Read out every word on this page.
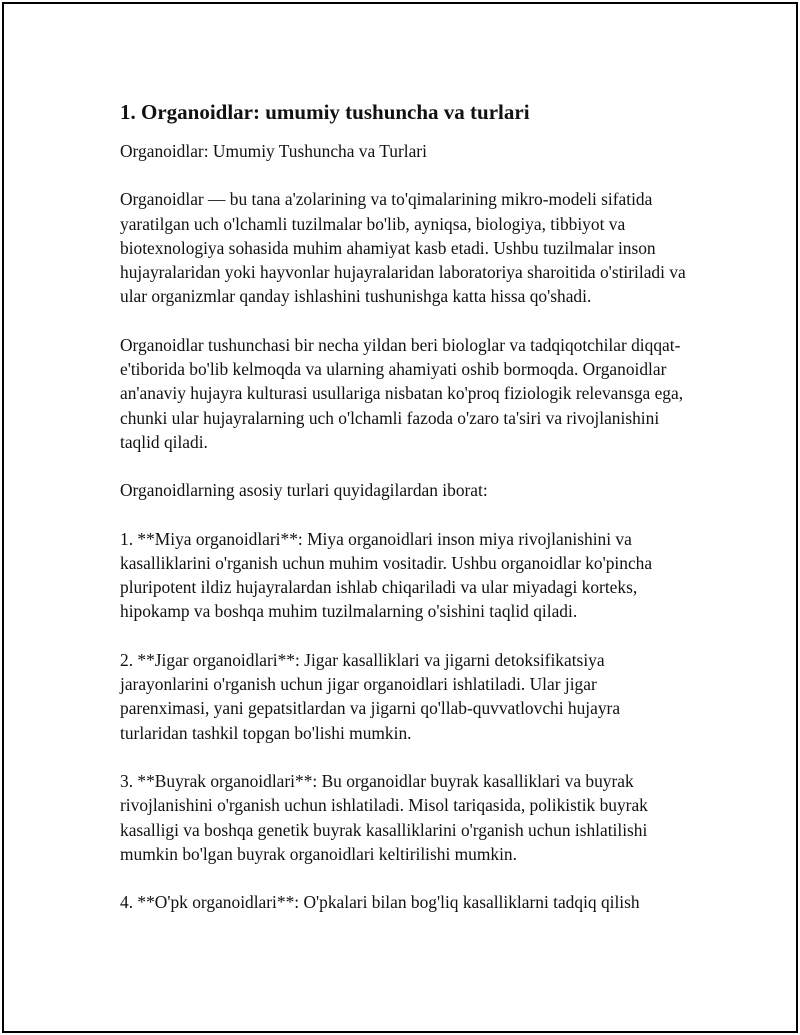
1. Organoidlar: umumiy tushuncha va turlari

Organoidlar: Umumiy Tushuncha va Turlari

Organoidlar — bu tana a'zolarining va to'qimalarining mikro-modeli sifatida yaratilgan uch o'lchamli tuzilmalar bo'lib, ayniqsa, biologiya, tibbiyot va biotexnologiya sohasida muhim ahamiyat kasb etadi. Ushbu tuzilmalar inson hujayralaridan yoki hayvonlar hujayralaridan laboratoriya sharoitida o'stiriladi va ular organizmlar qanday ishlashini tushunishga katta hissa qo'shadi.

Organoidlar tushunchasi bir necha yildan beri biologlar va tadqiqotchilar diqqat-e'tiborida bo'lib kelmoqda va ularning ahamiyati oshib bormoqda. Organoidlar an'anaviy hujayra kulturasi usullariga nisbatan ko'proq fiziologik relevansga ega, chunki ular hujayralarning uch o'lchamli fazoda o'zaro ta'siri va rivojlanishini taqlid qiladi.

Organoidlarning asosiy turlari quyidagilardan iborat:

1. **Miya organoidlari**: Miya organoidlari inson miya rivojlanishini va kasalliklarini o'rganish uchun muhim vositadir. Ushbu organoidlar ko'pincha pluripotent ildiz hujayralardan ishlab chiqariladi va ular miyadagi korteks, hipokamp va boshqa muhim tuzilmalarning o'sishini taqlid qiladi.

2. **Jigar organoidlari**: Jigar kasalliklari va jigarni detoksifikatsiya jarayonlarini o'rganish uchun jigar organoidlari ishlatiladi. Ular jigar parenximasi, yani gepatsitlardan va jigarni qo'llab-quvvatlovchi hujayra turlaridan tashkil topgan bo'lishi mumkin.

3. **Buyrak organoidlari**: Bu organoidlar buyrak kasalliklari va buyrak rivojlanishini o'rganish uchun ishlatiladi. Misol tariqasida, polikistik buyrak kasalligi va boshqa genetik buyrak kasalliklarini o'rganish uchun ishlatilishi mumkin bo'lgan buyrak organoidlari keltirilishi mumkin.

4. **O'pk organoidlari**: O'pkalari bilan bog'liq kasalliklarni tadqiq qilish
